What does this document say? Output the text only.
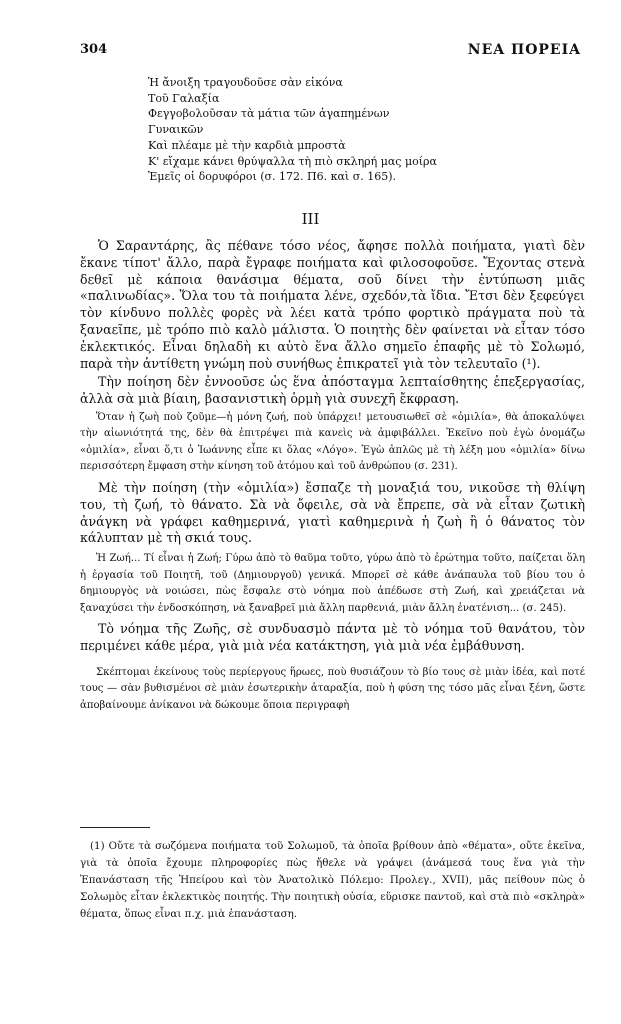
304	ΝΕΑ ΠΟΡΕΙΑ
Ἡ ἄνοιξη τραγουδοῦσε σὰν εἰκόνα
Τοῦ Γαλαξία
Φεγγοβολοῦσαν τὰ μάτια τῶν ἀγαπημένων
Γυναικῶν
Καὶ πλέαμε μὲ τὴν καρδιὰ μπροστὰ
Κ' εἴχαμε κάνει θρύψαλλα τὴ πιὸ σκληρή μας μοίρα
Ἐμεῖς οἱ δορυφόροι (σ. 172. Π6. καὶ σ. 165).
III

Ὁ Σαραντάρης, ἂς πέθανε τόσο νέος, ἄφησε πολλὰ ποιήματα, γιατὶ δὲν ἔκανε τίποτ' ἄλλο, παρὰ ἔγραφε ποιήματα καὶ φιλοσοφοῦσε. Ἔχοντας στενὰ δεθεῖ μὲ κάποια θανάσιμα θέματα, σοῦ δίνει τὴν ἐντύπωση μιᾶς «παλινωδίας». Ὅλα του τὰ ποιήματα λένε, σχεδόν,τὰ ἴδια. Ἔτσι δὲν ξεφεύγει τὸν κίνδυνο πολλὲς φορὲς νὰ λέει κατὰ τρόπο φορτικὸ πράγματα ποὺ τὰ ξαναεῖπε, μὲ τρόπο πιὸ καλὸ μάλιστα. Ὁ ποιητὴς δὲν φαίνεται νὰ εἶταν τόσο ἐκλεκτικός. Εἶναι δηλαδὴ κι αὐτὸ ἕνα ἄλλο σημεῖο ἐπαφῆς μὲ τὸ Σολωμό, παρὰ τὴν ἀντίθετη γνώμη ποὺ συνήθως ἐπικρατεῖ γιὰ τὸν τελευταῖο (¹).

Τὴν ποίηση δὲν ἐννοοῦσε ὡς ἕνα ἀπόσταγμα λεπταίσθητης ἐπεξεργασίας, ἀλλὰ σὰ μιὰ βίαιη, βασανιστικὴ ὁρμὴ γιὰ συνεχῆ ἔκφραση.

Ὅταν ἡ ζωὴ ποὺ ζοῦμε—ἡ μόνη ζωή, ποὺ ὑπάρχει! μετουσιωθεῖ σὲ «ὁμιλία», θὰ ἀποκαλύψει τὴν αἰωνιότητά της, δὲν θὰ ἐπιτρέψει πιὰ κανεὶς νὰ ἀμφιβάλλει. Ἐκεῖνο ποὺ ἐγὼ ὀνομάζω «ὁμιλία», εἶναι ὅ,τι ὁ Ἰωάννης εἶπε κι ὅλας «Λόγο». Ἐγὼ ἁπλῶς μὲ τὴ λέξη μου «ὁμιλία» δίνω περισσότερη ἔμφαση στὴν κίνηση τοῦ ἀτόμου καὶ τοῦ ἀνθρώπου (σ. 231).

Μὲ τὴν ποίηση (τὴν «ὁμιλία») ἔσπαζε τὴ μοναξιά του, νικοῦσε τὴ θλίψη του, τὴ ζωή, τὸ θάνατο. Σὰ νὰ ὄφειλε, σὰ νὰ ἔπρεπε, σὰ νὰ εἶταν ζωτικὴ ἀνάγκη νὰ γράφει καθημερινά, γιατὶ καθημερινὰ ἡ ζωὴ ἢ ὁ θάνατος τὸν κάλυπταν μὲ τὴ σκιά τους.

Ἡ Ζωή... Τί εἶναι ἡ Ζωή; Γύρω ἀπὸ τὸ θαῦμα τοῦτο, γύρω ἀπὸ τὸ ἐρώτημα τοῦτο, παίζεται ὅλη ἡ ἐργασία τοῦ Ποιητῆ, τοῦ (Δημιουργοῦ) γενικά. Μπορεῖ σὲ κάθε ἀνάπαυλα τοῦ βίου του ὁ δημιουργὸς νὰ νοιώσει, πὼς ἔσφαλε στὸ νόημα ποὺ ἀπέδωσε στὴ Ζωή, καὶ χρειάζεται νὰ ξαναχύσει τὴν ἐνδοσκόπηση, νὰ ξαναβρεῖ μιὰ ἄλλη παρθενιά, μιὰν ἄλλη ἐνατένιση... (σ. 245).

Τὸ νόημα τῆς Ζωῆς, σὲ συνδυασμὸ πάντα μὲ τὸ νόημα τοῦ θανάτου, τὸν περιμένει κάθε μέρα, γιὰ μιὰ νέα κατάκτηση, γιὰ μιὰ νέα ἐμβάθυνση.

Σκέπτομαι ἐκείνους τοὺς περίεργους ἥρωες, ποὺ θυσιάζουν τὸ βίο τους σὲ μιὰν ἰδέα, καὶ ποτέ τους — σὰν βυθισμένοι σὲ μιὰν ἐσωτερικὴν ἀταραξία, ποὺ ἡ φύση της τόσο μᾶς εἶναι ξένη, ὥστε ἀποβαίνουμε ἀνίκανοι νὰ δώκουμε ὅποια περιγραφὴ

(1) Οὔτε τὰ σωζόμενα ποιήματα τοῦ Σολωμοῦ, τὰ ὁποῖα βρίθουν ἀπὸ «θέματα», οὔτε ἐκεῖνα, γιὰ τὰ ὁποῖα ἔχουμε πληροφορίες πὼς ἤθελε νὰ γράψει (ἀνάμεσά τους ἕνα γιὰ τὴν Ἐπανάσταση τῆς Ἠπείρου καὶ τὸν Ἀνατολικὸ Πόλεμο: Προλεγ., XVII), μᾶς πείθουν πὼς ὁ Σολωμὸς εἶταν ἐκλεκτικὸς ποιητής. Τὴν ποιητικὴ οὐσία, εὕρισκε παντοῦ, καὶ στὰ πιὸ «σκληρὰ» θέματα, ὅπως εἶναι π.χ. μιὰ ἐπανάσταση.
